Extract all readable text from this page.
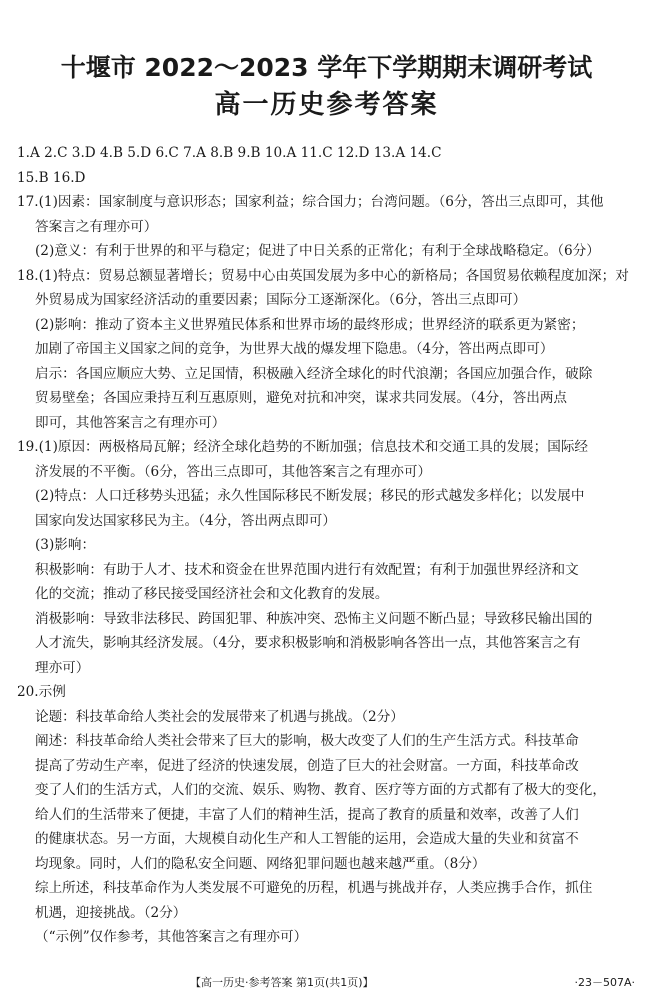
十堰市 2022～2023 学年下学期期末调研考试
高一历史参考答案
1.A 2.C 3.D 4.B 5.D 6.C 7.A 8.B 9.B 10.A 11.C 12.D 13.A 14.C
15.B 16.D
17.(1)因素：国家制度与意识形态；国家利益；综合国力；台湾问题。（6分，答出三点即可，其他
答案言之有理亦可）
(2)意义：有利于世界的和平与稳定；促进了中日关系的正常化；有利于全球战略稳定。（6分）
18.(1)特点：贸易总额显著增长；贸易中心由英国发展为多中心的新格局；各国贸易依赖程度加深；对
外贸易成为国家经济活动的重要因素；国际分工逐渐深化。（6分，答出三点即可）
(2)影响：推动了资本主义世界殖民体系和世界市场的最终形成；世界经济的联系更为紧密；
加剧了帝国主义国家之间的竞争，为世界大战的爆发埋下隐患。（4分，答出两点即可）
启示：各国应顺应大势、立足国情，积极融入经济全球化的时代浪潮；各国应加强合作，破除
贸易壁垒；各国应秉持互利互惠原则，避免对抗和冲突，谋求共同发展。（4分，答出两点
即可，其他答案言之有理亦可）
19.(1)原因：两极格局瓦解；经济全球化趋势的不断加强；信息技术和交通工具的发展；国际经
济发展的不平衡。（6分，答出三点即可，其他答案言之有理亦可）
(2)特点：人口迁移势头迅猛；永久性国际移民不断发展；移民的形式越发多样化；以发展中
国家向发达国家移民为主。（4分，答出两点即可）
(3)影响：
积极影响：有助于人才、技术和资金在世界范围内进行有效配置；有利于加强世界经济和文
化的交流；推动了移民接受国经济社会和文化教育的发展。
消极影响：导致非法移民、跨国犯罪、种族冲突、恐怖主义问题不断凸显；导致移民输出国的
人才流失，影响其经济发展。（4分，要求积极影响和消极影响各答出一点，其他答案言之有
理亦可）
20.示例
论题：科技革命给人类社会的发展带来了机遇与挑战。（2分）
阐述：科技革命给人类社会带来了巨大的影响，极大改变了人们的生产生活方式。科技革命
提高了劳动生产率，促进了经济的快速发展，创造了巨大的社会财富。一方面，科技革命改
变了人们的生活方式，人们的交流、娱乐、购物、教育、医疗等方面的方式都有了极大的变化，
给人们的生活带来了便捷，丰富了人们的精神生活，提高了教育的质量和效率，改善了人们
的健康状态。另一方面，大规模自动化生产和人工智能的运用，会造成大量的失业和贫富不
均现象。同时，人们的隐私安全问题、网络犯罪问题也越来越严重。（8分）
综上所述，科技革命作为人类发展不可避免的历程，机遇与挑战并存，人类应携手合作，抓住
机遇，迎接挑战。（2分）
（“示例”仅作参考，其他答案言之有理亦可）
【高一历史·参考答案 第1页(共1页)】	·23－507A·
